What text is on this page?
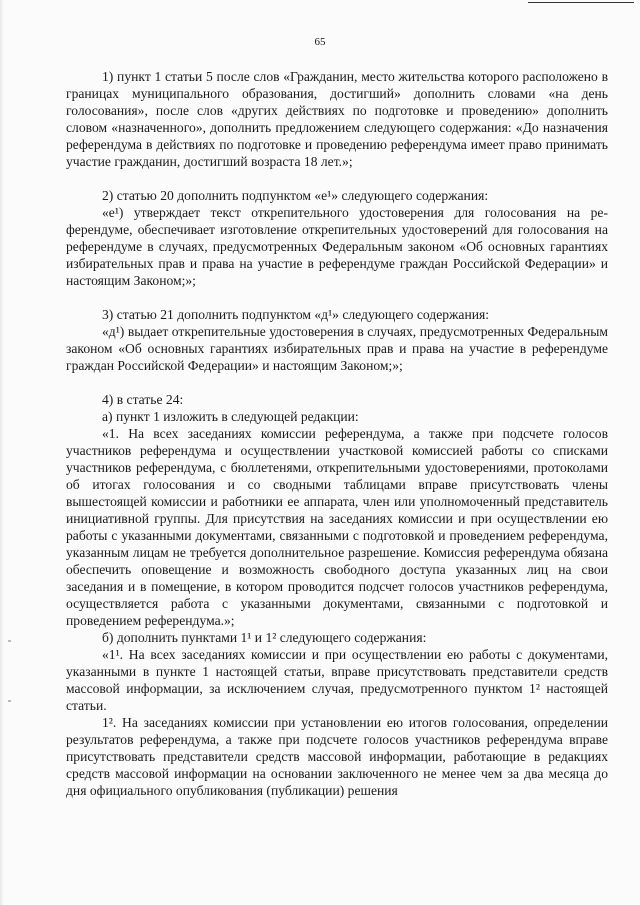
65

1) пункт 1 статьи 5 после слов «Гражданин, место жительства которого расположено в границах муниципального образования, достигший» дополнить словами «на день голосования», после слов «других действиях по подготовке и проведению» дополнить словом «назначенного», дополнить предложением следующего содержания: «До назначения референдума в действиях по подготовке и проведению референдума имеет право принимать участие гражданин, достигший возраста 18 лет.»;

2) статью 20 дополнить подпунктом «е¹» следующего содержания:

«е¹) утверждает текст открепительного удостоверения для голосования на референдуме, обеспечивает изготовление открепительных удостоверений для голосования на референдуме в случаях, предусмотренных Федеральным законом «Об основных гарантиях избирательных прав и права на участие в референдуме граждан Российской Федерации» и настоящим Законом;»;

3) статью 21 дополнить подпунктом «д¹» следующего содержания:

«д¹) выдает открепительные удостоверения в случаях, предусмотренных Федеральным законом «Об основных гарантиях избирательных прав и права на участие в референдуме граждан Российской Федерации» и настоящим Законом;»;

4) в статье 24:

а) пункт 1 изложить в следующей редакции:

«1. На всех заседаниях комиссии референдума, а также при подсчете голосов участников референдума и осуществлении участковой комиссией работы со списками участников референдума, с бюллетенями, открепительными удостоверениями, протоколами об итогах голосования и со сводными таблицами вправе присутствовать члены вышестоящей комиссии и работники ее аппарата, член или уполномоченный представитель инициативной группы. Для присутствия на заседаниях комиссии и при осуществлении ею работы с указанными документами, связанными с подготовкой и проведением референдума, указанным лицам не требуется дополнительное разрешение. Комиссия референдума обязана обеспечить оповещение и возможность свободного доступа указанных лиц на свои заседания и в помещение, в котором проводится подсчет голосов участников референдума, осуществляется работа с указанными документами, связанными с подготовкой и проведением референдума.»;

б) дополнить пунктами 1¹ и 1² следующего содержания:

«1¹. На всех заседаниях комиссии и при осуществлении ею работы с документами, указанными в пункте 1 настоящей статьи, вправе присутствовать представители средств массовой информации, за исключением случая, предусмотренного пунктом 1² настоящей статьи.

1². На заседаниях комиссии при установлении ею итогов голосования, определении результатов референдума, а также при подсчете голосов участников референдума вправе присутствовать представители средств массовой информации, работающие в редакциях средств массовой информации на основании заключенного не менее чем за два месяца до дня официального опубликования (публикации) решения
